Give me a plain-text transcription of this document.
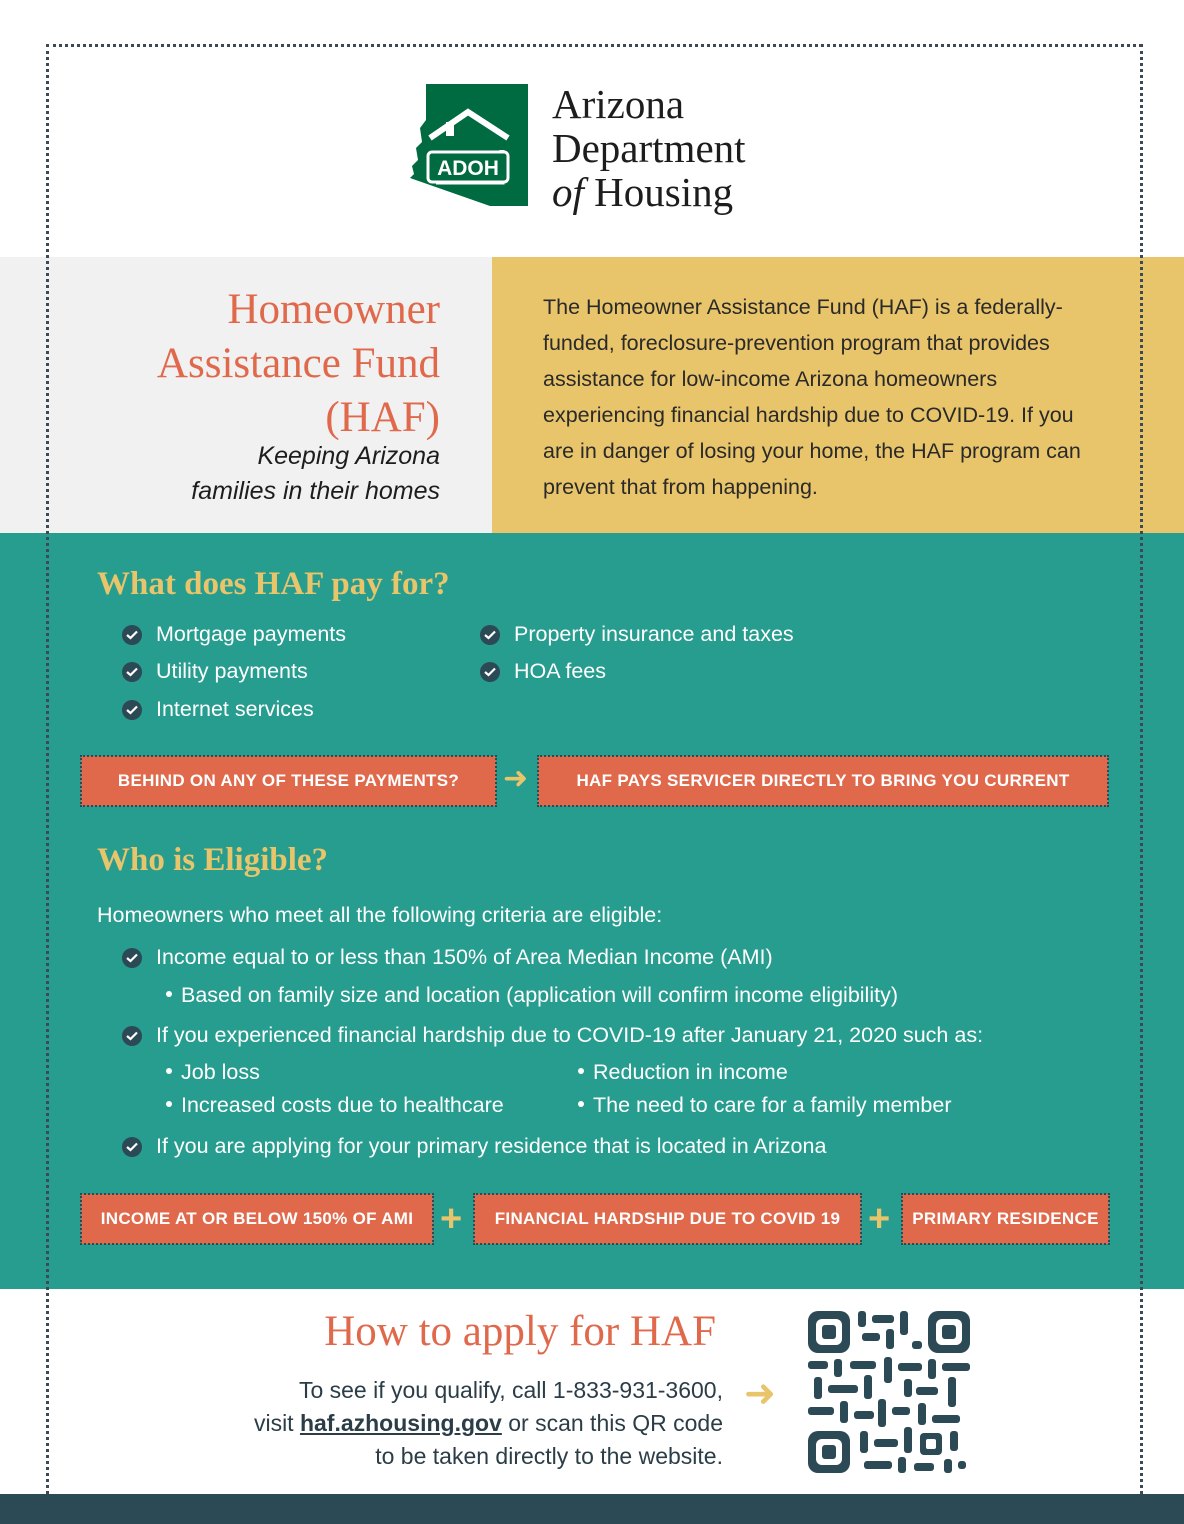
ADOH
Arizona
Department
of Housing
Homeowner
Assistance Fund
(HAF)
Keeping Arizona
families in their homes
The Homeowner Assistance Fund (HAF) is a federally-funded, foreclosure-prevention program that provides assistance for low-income Arizona homeowners experiencing financial hardship due to COVID-19. If you are in danger of losing your home, the HAF program can prevent that from happening.
What does HAF pay for?
Mortgage payments
Utility payments
Internet services
Property insurance and taxes
HOA fees
BEHIND ON ANY OF THESE PAYMENTS?	➜	HAF PAYS SERVICER DIRECTLY TO BRING YOU CURRENT
Who is Eligible?
Homeowners who meet all the following criteria are eligible:
Income equal to or less than 150% of Area Median Income (AMI)
Based on family size and location (application will confirm income eligibility)
If you experienced financial hardship due to COVID-19 after January 21, 2020 such as:
Job loss
Increased costs due to healthcare
Reduction in income
The need to care for a family member
If you are applying for your primary residence that is located in Arizona
INCOME AT OR BELOW 150% OF AMI +	FINANCIAL HARDSHIP DUE TO COVID 19 +	PRIMARY RESIDENCE
How to apply for HAF
To see if you qualify, call 1-833-931-3600,
visit haf.azhousing.gov or scan this QR code
to be taken directly to the website.
➜
